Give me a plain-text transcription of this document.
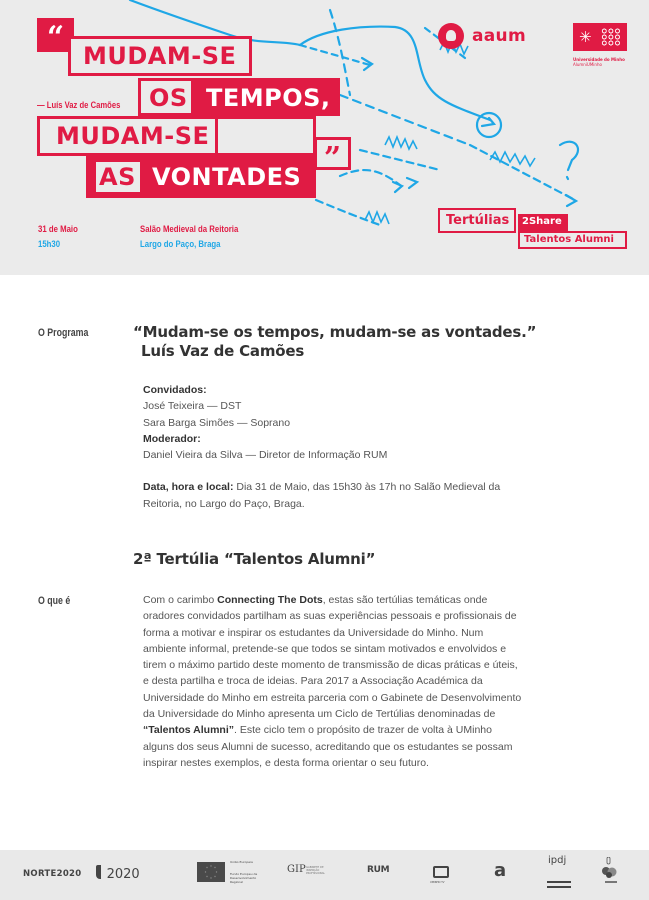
“
MUDAM-SE
— Luís Vaz de Camões	OS TEMPOS,
MUDAM-SE
AS VONTADES
”
31 de Maio
15h30
Salão Medieval da Reitoria
Largo do Paço, Braga
aaum	✳
Universidade do Minho
AlumniUMinho
Tertúlias	2Share
Talentos Alumni
O Programa	“Mudam-se os tempos, mudam-se as vontades.”
Luís Vaz de Camões
Convidados:
José Teixeira — DST
Sara Barga Simões — Soprano
Moderador:
Daniel Vieira da Silva — Diretor de Informação RUM
Data, hora e local: Dia 31 de Maio, das 15h30 às 17h no Salão Medieval da Reitoria, no Largo do Paço, Braga.
2ª Tertúlia “Talentos Alumni”
O que é	Com o carimbo Connecting The Dots, estas são tertúlias temáticas onde oradores convidados partilham as suas experiências pessoais e profissionais de forma a motivar e inspirar os estudantes da Universidade do Minho. Num ambiente informal, pretende-se que todos se sintam motivados e envolvidos e tirem o máximo partido deste momento de transmissão de dicas práticas e úteis, e desta partilha e troca de ideias. Para 2017 a Associação Académica da Universidade do Minho em estreita parceria com o Gabinete de Desenvolvimento da Universidade do Minho apresenta um Ciclo de Tertúlias denominadas de “Talentos Alumni”. Este ciclo tem o propósito de trazer de volta à UMinho alguns dos seus Alumni de sucesso, acreditando que os estudantes se possam inspirar nestes exemplos, e desta forma orientar o seu futuro.
NORTE2020	2020
União Europeia
Fundo Europeu de Desenvolvimento Regional
GIP GABINETE DE INSERÇÃO PROFISSIONAL	RUM
UMINHO TV
a	ipdj
